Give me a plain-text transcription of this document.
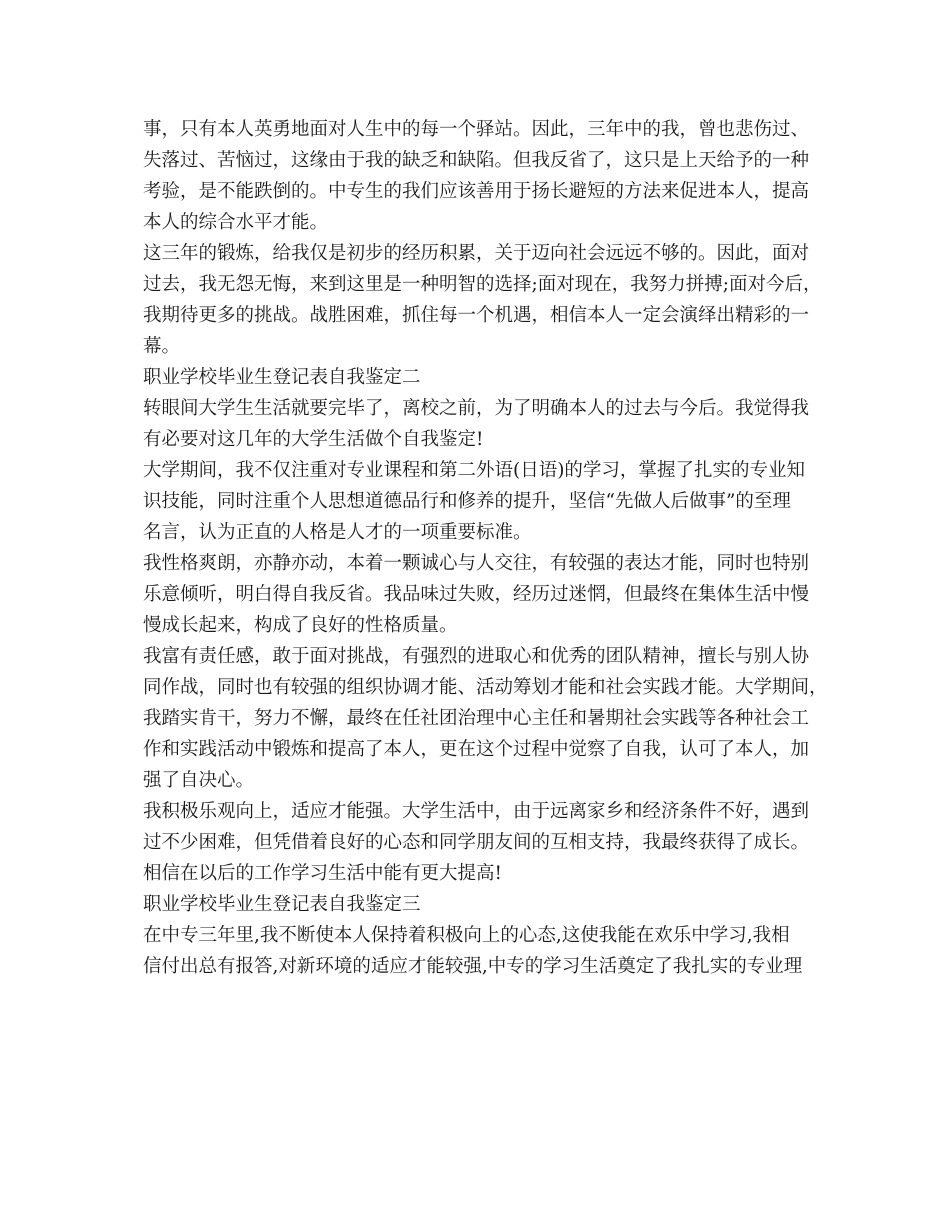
事，只有本人英勇地面对人生中的每一个驿站。因此，三年中的我，曾也悲伤过、
失落过、苦恼过，这缘由于我的缺乏和缺陷。但我反省了，这只是上天给予的一种
考验，是不能跌倒的。中专生的我们应该善用于扬长避短的方法来促进本人，提高
本人的综合水平才能。
这三年的锻炼，给我仅是初步的经历积累，关于迈向社会远远不够的。因此，面对
过去，我无怨无悔，来到这里是一种明智的选择;面对现在，我努力拼搏;面对今后，
我期待更多的挑战。战胜困难，抓住每一个机遇，相信本人一定会演绎出精彩的一
幕。
职业学校毕业生登记表自我鉴定二
转眼间大学生生活就要完毕了，离校之前，为了明确本人的过去与今后。我觉得我
有必要对这几年的大学生活做个自我鉴定!
大学期间，我不仅注重对专业课程和第二外语(日语)的学习，掌握了扎实的专业知
识技能，同时注重个人思想道德品行和修养的提升，坚信“先做人后做事”的至理
名言，认为正直的人格是人才的一项重要标准。
我性格爽朗，亦静亦动，本着一颗诚心与人交往，有较强的表达才能，同时也特别
乐意倾听，明白得自我反省。我品味过失败，经历过迷惘，但最终在集体生活中慢
慢成长起来，构成了良好的性格质量。
我富有责任感，敢于面对挑战，有强烈的进取心和优秀的团队精神，擅长与别人协
同作战，同时也有较强的组织协调才能、活动筹划才能和社会实践才能。大学期间，
我踏实肯干，努力不懈，最终在任社团治理中心主任和暑期社会实践等各种社会工
作和实践活动中锻炼和提高了本人，更在这个过程中觉察了自我，认可了本人，加
强了自决心。
我积极乐观向上，适应才能强。大学生活中，由于远离家乡和经济条件不好，遇到
过不少困难，但凭借着良好的心态和同学朋友间的互相支持，我最终获得了成长。
相信在以后的工作学习生活中能有更大提高!
职业学校毕业生登记表自我鉴定三
在中专三年里,我不断使本人保持着积极向上的心态,这使我能在欢乐中学习,我相
信付出总有报答,对新环境的适应才能较强,中专的学习生活奠定了我扎实的专业理
